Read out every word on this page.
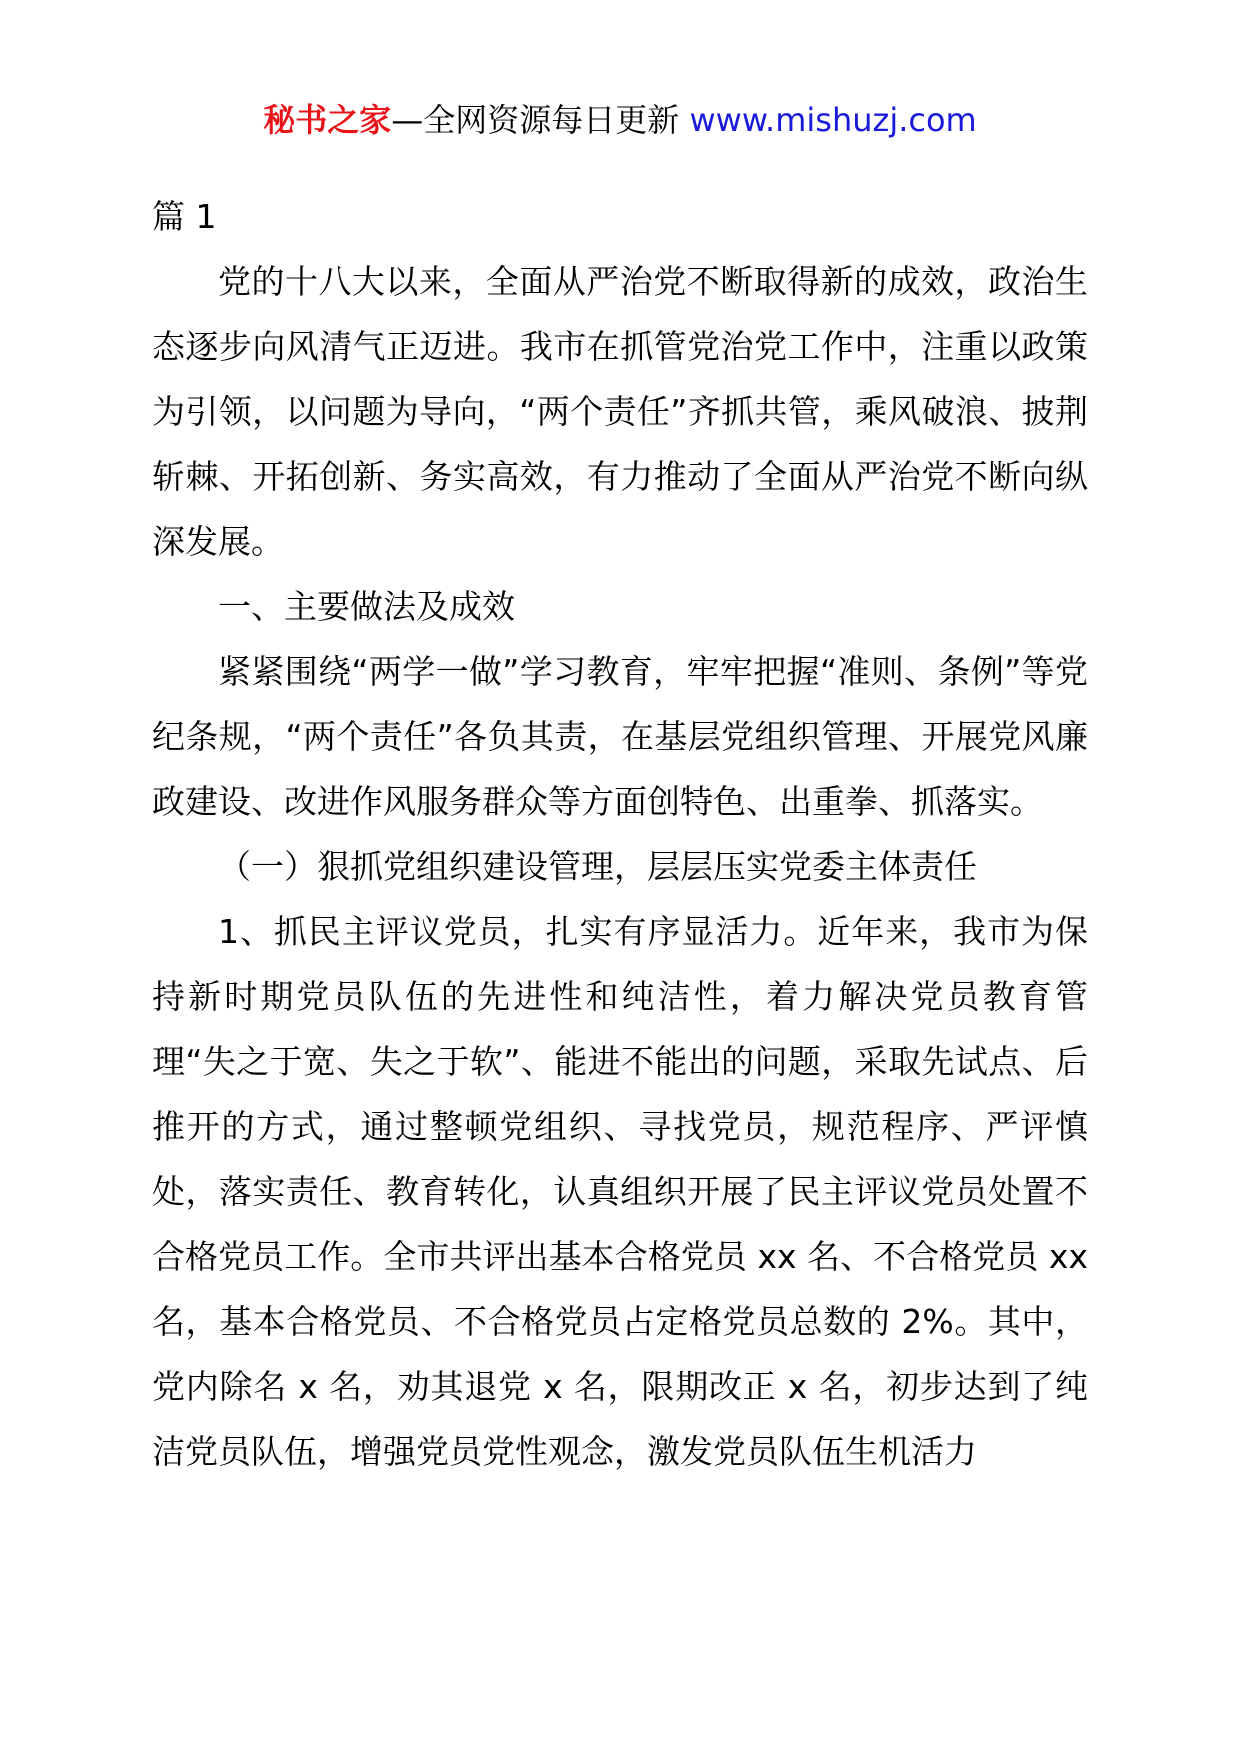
秘书之家—全网资源每日更新 www.mishuzj.com

篇 1

党的十八大以来，全面从严治党不断取得新的成效，政治生态逐步向风清气正迈进。我市在抓管党治党工作中，注重以政策为引领，以问题为导向，“两个责任”齐抓共管，乘风破浪、披荆斩棘、开拓创新、务实高效，有力推动了全面从严治党不断向纵深发展。

一、主要做法及成效

紧紧围绕“两学一做”学习教育，牢牢把握“准则、条例”等党纪条规，“两个责任”各负其责，在基层党组织管理、开展党风廉政建设、改进作风服务群众等方面创特色、出重拳、抓落实。

（一）狠抓党组织建设管理，层层压实党委主体责任

1、抓民主评议党员，扎实有序显活力。近年来，我市为保持新时期党员队伍的先进性和纯洁性，着力解决党员教育管理“失之于宽、失之于软”、能进不能出的问题，采取先试点、后推开的方式，通过整顿党组织、寻找党员，规范程序、严评慎处，落实责任、教育转化，认真组织开展了民主评议党员处置不合格党员工作。全市共评出基本合格党员 xx 名、不合格党员 xx 名，基本合格党员、不合格党员占定格党员总数的 2%。其中，党内除名 x 名，劝其退党 x 名，限期改正 x 名，初步达到了纯洁党员队伍，增强党员党性观念，激发党员队伍生机活力
